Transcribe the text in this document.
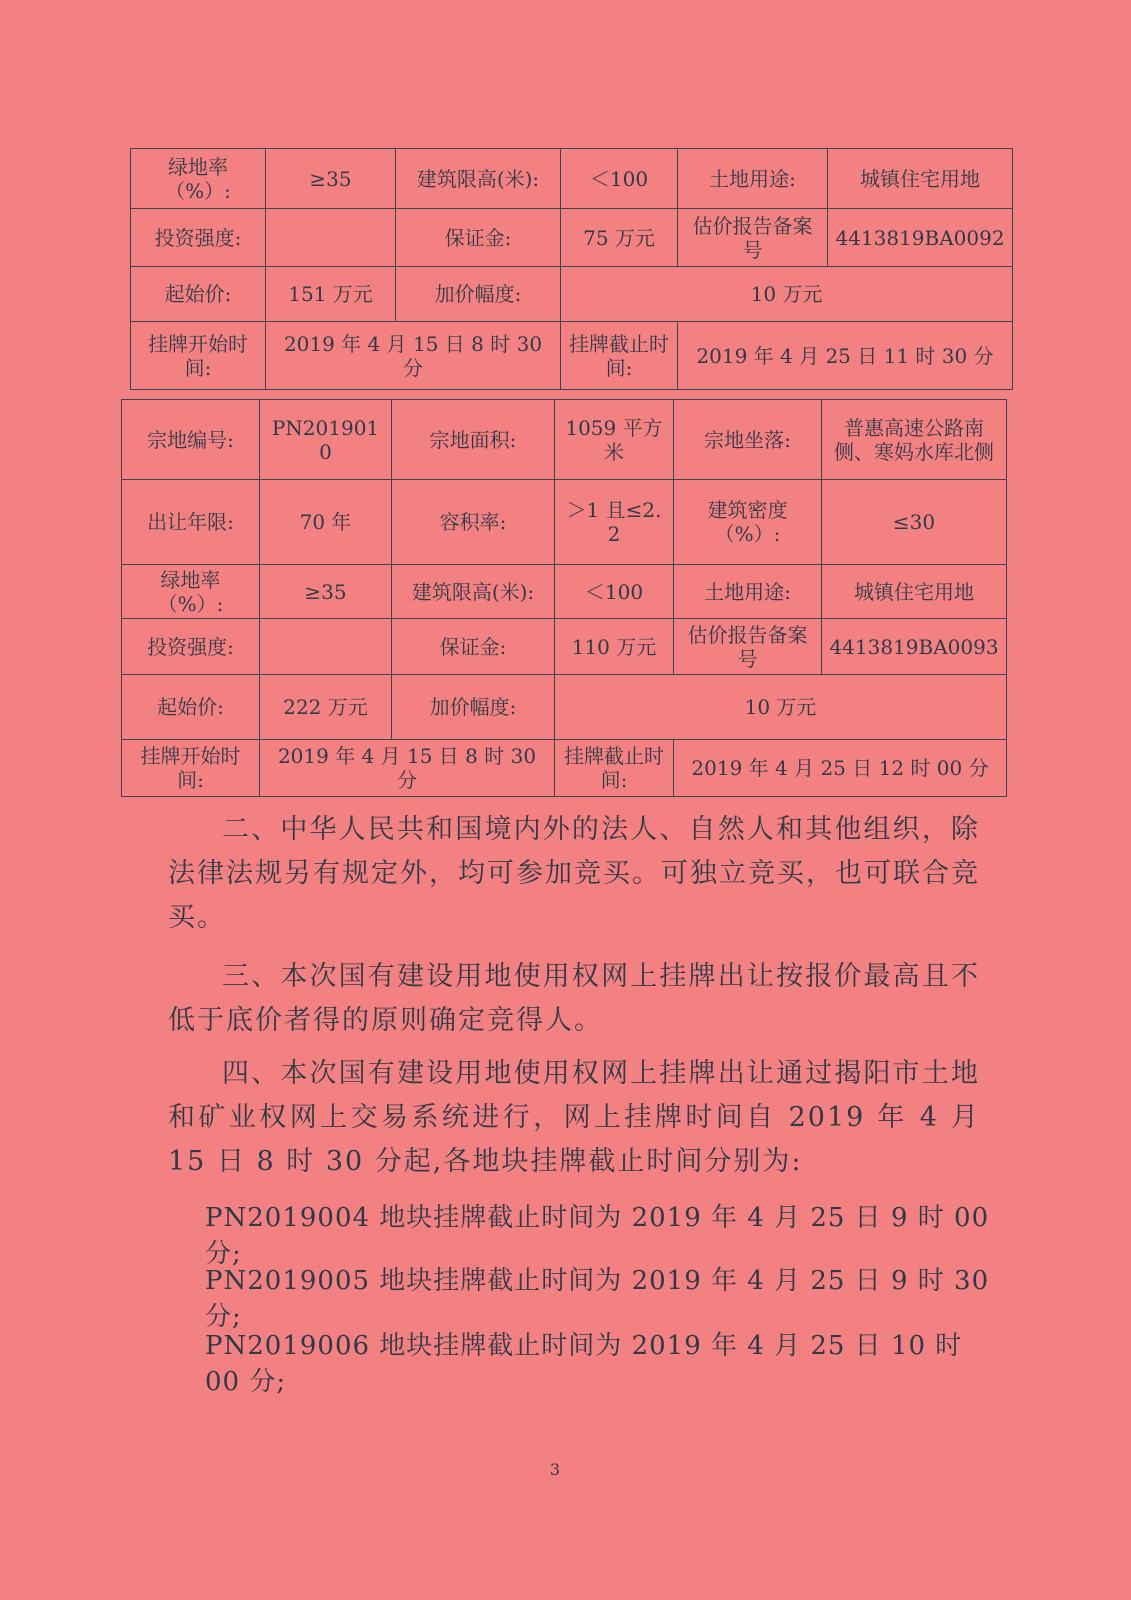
绿地率（%）:	≥35	建筑限高(米):	＜100	土地用途:	城镇住宅用地
投资强度:		保证金:	75 万元	估价报告备案号	4413819BA0092
起始价:	151 万元	加价幅度:	10 万元		
挂牌开始时间:	2019 年 4 月 15 日 8 时 30 分		挂牌截止时间:	2019 年 4 月 25 日 11 时 30 分	
宗地编号:	PN2019010	宗地面积:	1059 平方米	宗地坐落:	普惠高速公路南侧、寒妈水库北侧
出让年限:	70 年	容积率:	＞1 且≤2.2	建筑密度（%）:	≤30
绿地率（%）:	≥35	建筑限高(米):	＜100	土地用途:	城镇住宅用地
投资强度:		保证金:	110 万元	估价报告备案号	4413819BA0093
起始价:	222 万元	加价幅度:	10 万元		
挂牌开始时间:	2019 年 4 月 15 日 8 时 30 分		挂牌截止时间:	2019 年 4 月 25 日 12 时 00 分	
二、中华人民共和国境内外的法人、自然人和其他组织，除法律法规另有规定外，均可参加竞买。可独立竞买，也可联合竞买。
三、本次国有建设用地使用权网上挂牌出让按报价最高且不低于底价者得的原则确定竞得人。
四、本次国有建设用地使用权网上挂牌出让通过揭阳市土地和矿业权网上交易系统进行，网上挂牌时间自 2019 年 4 月 15 日 8 时 30 分起,各地块挂牌截止时间分别为:
PN2019004 地块挂牌截止时间为 2019 年 4 月 25 日 9 时 00 分;
PN2019005 地块挂牌截止时间为 2019 年 4 月 25 日 9 时 30 分;
PN2019006 地块挂牌截止时间为 2019 年 4 月 25 日 10 时 00 分;
3
